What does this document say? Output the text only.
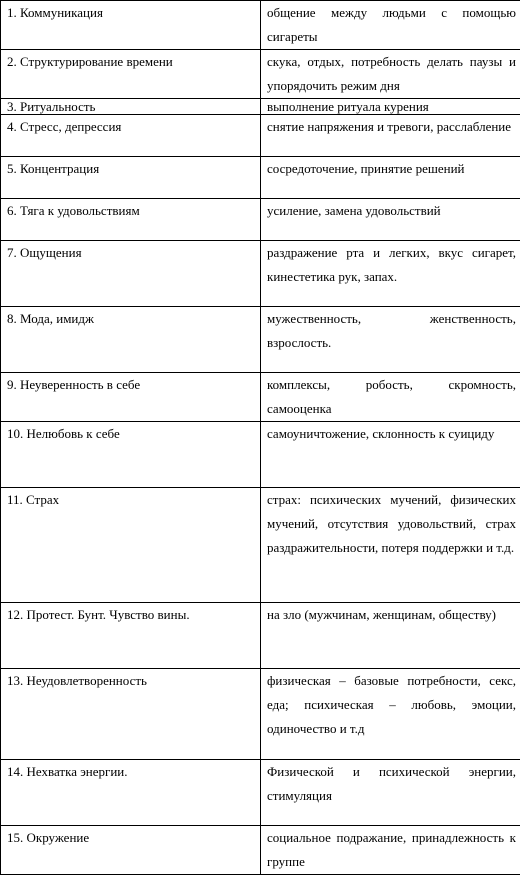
1. Коммуникация	общение между людьми с помощью сигареты
2. Структурирование времени	скука, отдых, потребность делать паузы и упорядочить режим дня
3. Ритуальность	выполнение ритуала курения
4. Стресс, депрессия	снятие напряжения и тревоги, расслабление
5. Концентрация	сосредоточение, принятие решений
6. Тяга к удовольствиям	усиление, замена удовольствий
7. Ощущения	раздражение рта и легких, вкус сигарет, кинестетика рук, запах.
8. Мода, имидж	мужественность, женственность, взрослость.
9. Неуверенность в себе	комплексы, робость, скромность, самооценка
10. Нелюбовь к себе	самоуничтожение, склонность к суициду
11. Страх	страх: психических мучений, физических мучений, отсутствия удовольствий, страх раздражительности, потеря поддержки и т.д.
12. Протест. Бунт. Чувство вины.	на зло (мужчинам, женщинам, обществу)
13. Неудовлетворенность	физическая – базовые потребности, секс, еда; психическая – любовь, эмоции, одиночество и т.д
14. Нехватка энергии.	Физической и психической энергии, стимуляция
15. Окружение	социальное подражание, принадлежность к группе
